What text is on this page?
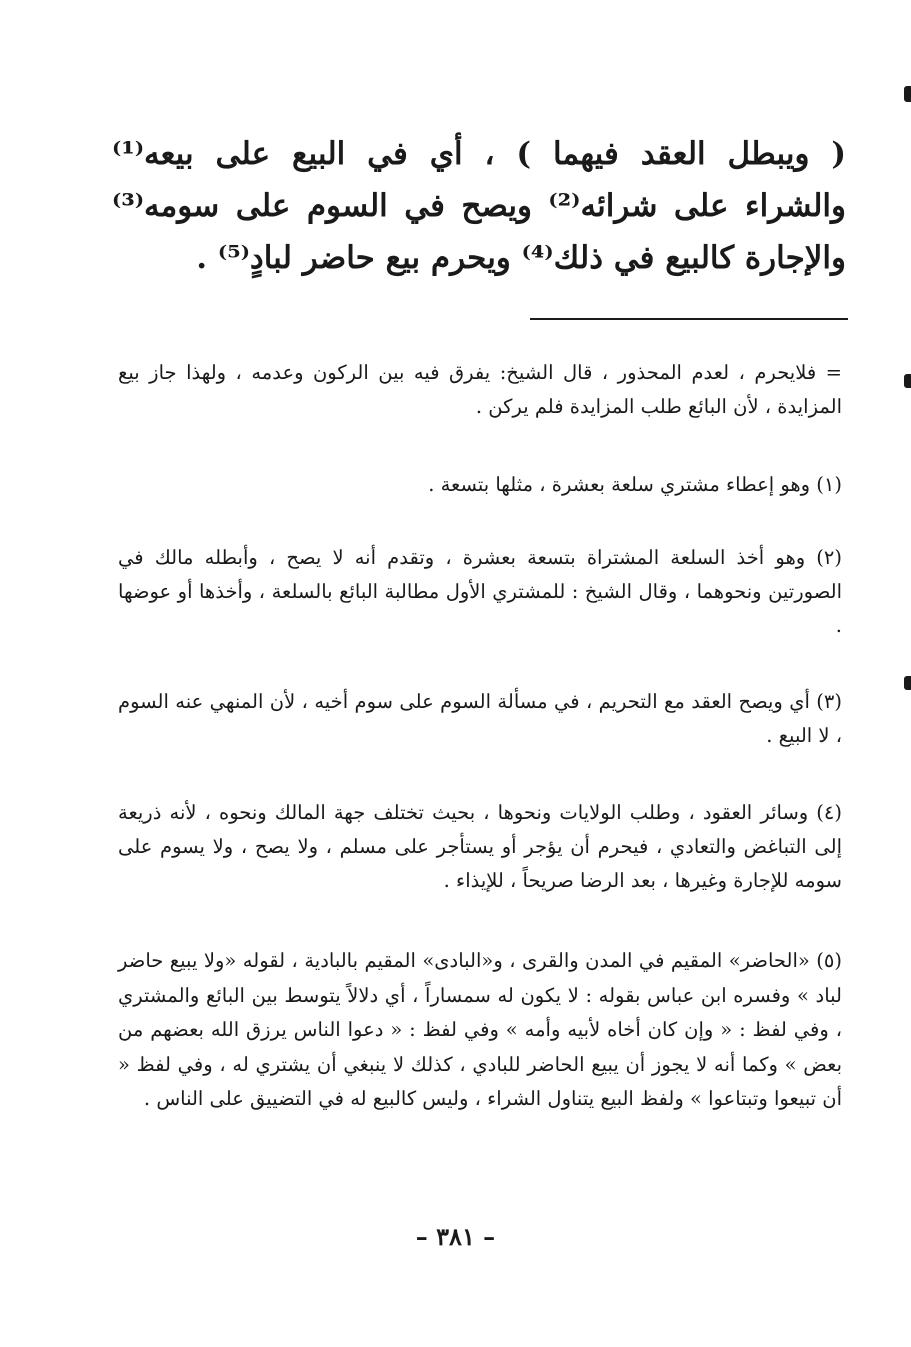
( ويبطل العقد فيهما ) ، أي في البيع على بيعه⁽¹⁾ والشراء على شرائه⁽²⁾ ويصح في السوم على سومه⁽³⁾ والإجارة كالبيع في ذلك⁽⁴⁾ ويحرم بيع حاضر لبادٍ⁽⁵⁾ .

= فلايحرم ، لعدم المحذور ، قال الشيخ: يفرق فيه بين الركون وعدمه ، ولهذا جاز بيع المزايدة ، لأن البائع طلب المزايدة فلم يركن .

(١) وهو إعطاء مشتري سلعة بعشرة ، مثلها بتسعة .

(٢) وهو أخذ السلعة المشتراة بتسعة بعشرة ، وتقدم أنه لا يصح ، وأبطله مالك في الصورتين ونحوهما ، وقال الشيخ : للمشتري الأول مطالبة البائع بالسلعة ، وأخذها أو عوضها .

(٣) أي ويصح العقد مع التحريم ، في مسألة السوم على سوم أخيه ، لأن المنهي عنه السوم ، لا البيع .

(٤) وسائر العقود ، وطلب الولايات ونحوها ، بحيث تختلف جهة المالك ونحوه ، لأنه ذريعة إلى التباغض والتعادي ، فيحرم أن يؤجر أو يستأجر على مسلم ، ولا يصح ، ولا يسوم على سومه للإجارة وغيرها ، بعد الرضا صريحاً ، للإيذاء .

(٥) «الحاضر» المقيم في المدن والقرى ، و«البادى» المقيم بالبادية ، لقوله «ولا يبيع حاضر لباد » وفسره ابن عباس بقوله : لا يكون له سمساراً ، أي دلالاً يتوسط بين البائع والمشتري ، وفي لفظ : « وإن كان أخاه لأبيه وأمه » وفي لفظ : « دعوا الناس يرزق الله بعضهم من بعض » وكما أنه لا يجوز أن يبيع الحاضر للبادي ، كذلك لا ينبغي أن يشتري له ، وفي لفظ « أن تبيعوا وتبتاعوا » ولفظ البيع يتناول الشراء ، وليس كالبيع له في التضييق على الناس .

– ٣٨١ –
